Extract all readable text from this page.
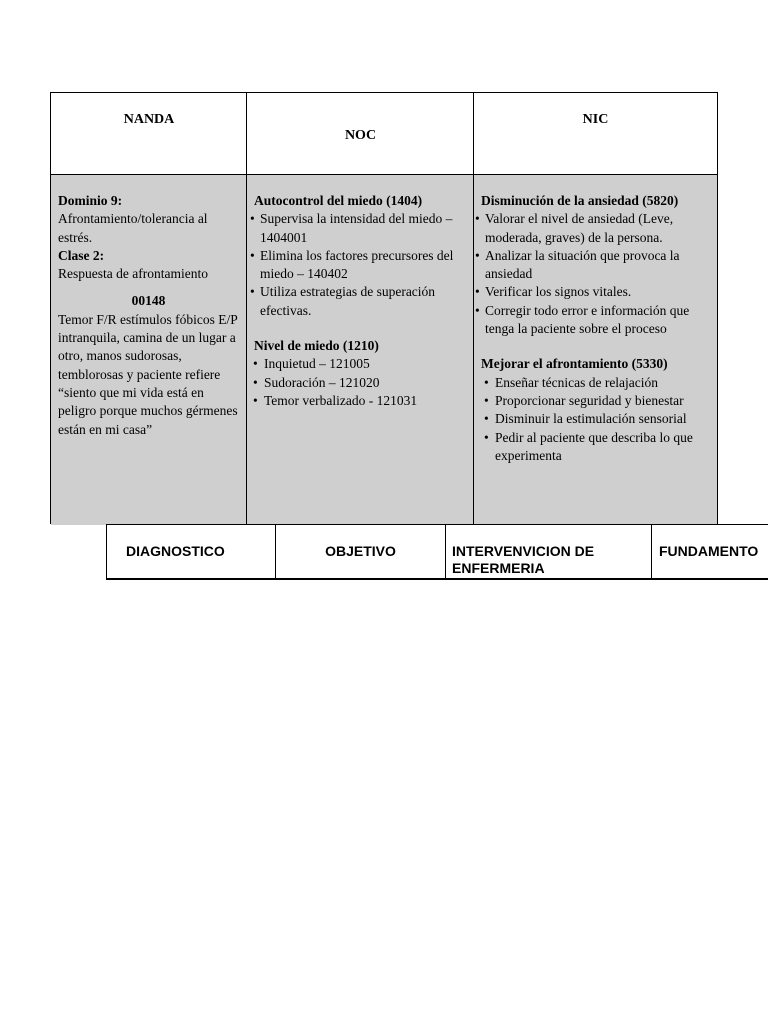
NANDA
NOC
NIC
Dominio 9:
Afrontamiento/tolerancia al estrés.
Clase 2:
Respuesta de afrontamiento
00148
Temor F/R estímulos fóbicos E/P intranquila, camina de un lugar a otro, manos sudorosas, temblorosas y paciente refiere “siento que mi vida está en peligro porque muchos gérmenes están en mi casa”
Autocontrol del miedo (1404)
• Supervisa la intensidad del miedo – 1404001
• Elimina los factores precursores del miedo – 140402
• Utiliza estrategias de superación efectivas.
Nivel de miedo (1210)
• Inquietud – 121005
• Sudoración – 121020
• Temor verbalizado - 121031
Disminución de la ansiedad (5820)
• Valorar el nivel de ansiedad (Leve, moderada, graves) de la persona.
• Analizar la situación que provoca la ansiedad
• Verificar los signos vitales.
• Corregir todo error e información que tenga la paciente sobre el proceso
Mejorar el afrontamiento (5330)
• Enseñar técnicas de relajación
• Proporcionar seguridad y bienestar
• Disminuir la estimulación sensorial
• Pedir al paciente que describa lo que experimenta
DIAGNOSTICO	OBJETIVO	INTERVENVICION DE ENFERMERIA
FUNDAMENTO
